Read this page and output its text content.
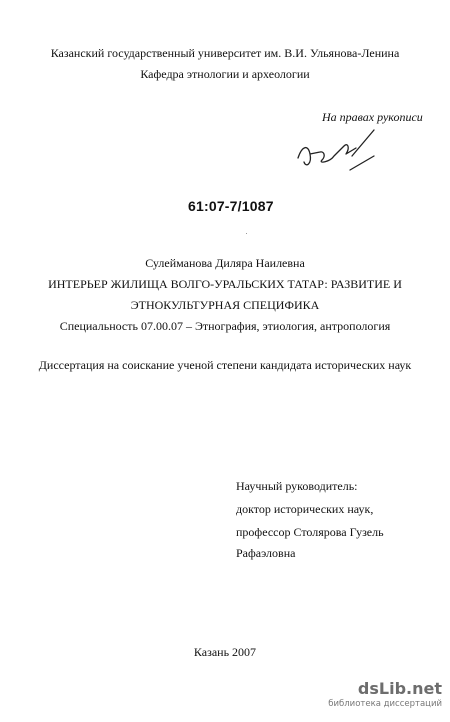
Казанский государственный университет им. В.И. Ульянова-Ленина
Кафедра этнологии и археологии
На правах рукописи
61:07-7/1087
Сулейманова Диляра Наилевна
ИНТЕРЬЕР ЖИЛИЩА ВОЛГО-УРАЛЬСКИХ ТАТАР: РАЗВИТИЕ И
ЭТНОКУЛЬТУРНАЯ СПЕЦИФИКА
Специальность 07.00.07 – Этнография, этиология, антропология
Диссертация на соискание ученой степени кандидата исторических наук
Научный руководитель:
доктор исторических наук,
профессор Столярова Гузель
Рафаэловна
Казань 2007
dsLib.net
библиотека диссертаций
